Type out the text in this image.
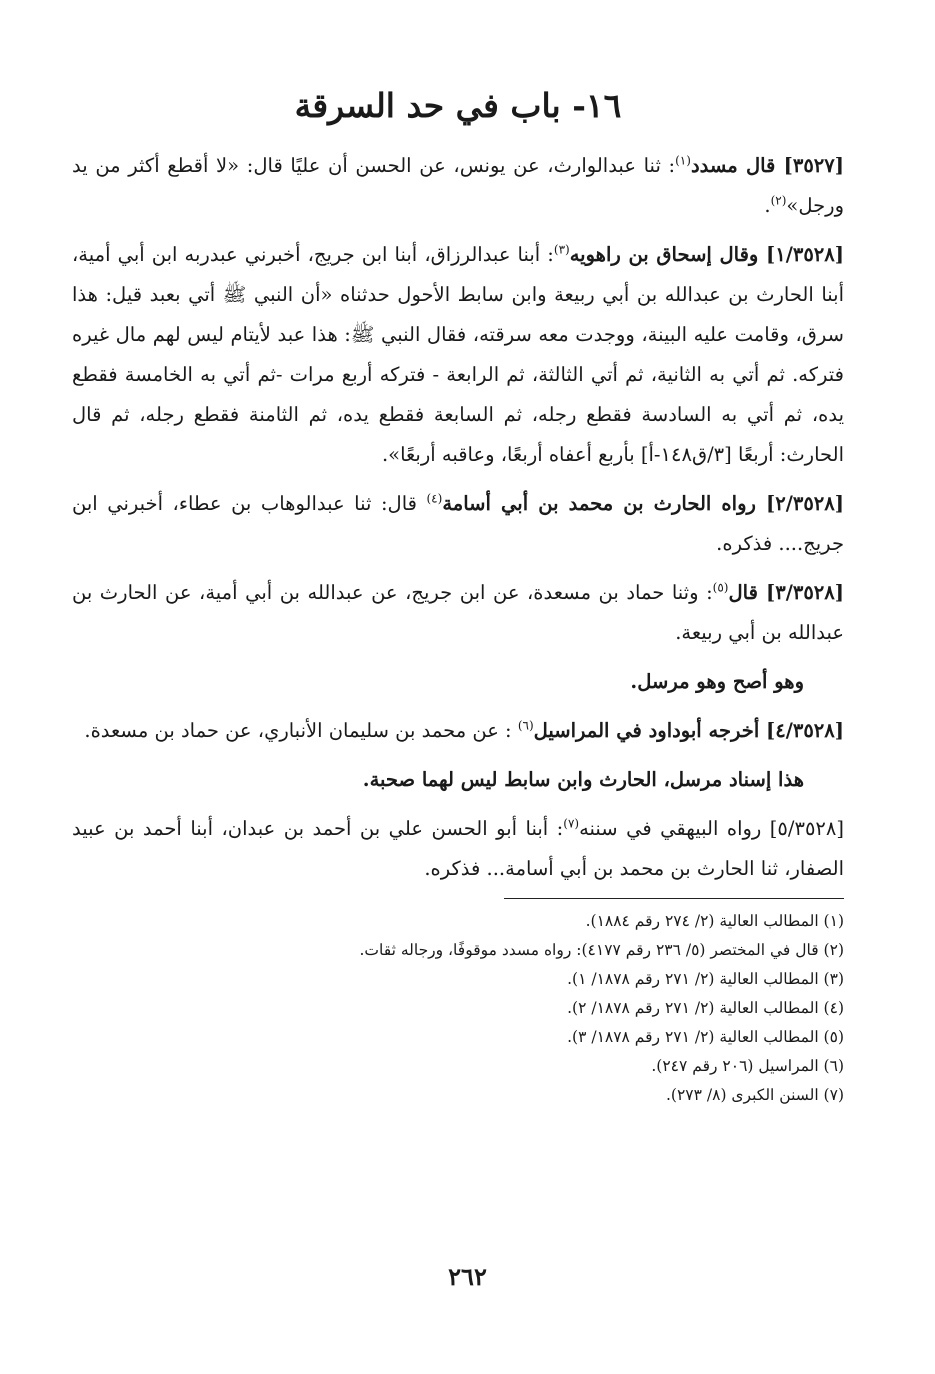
١٦- باب في حد السرقة

[٣٥٢٧] قال مسدد$^{(١)}$: ثنا عبدالوارث، عن يونس، عن الحسن أن عليًا قال: «لا أقطع أكثر من يد ورجل»$^{(٢)}$.

[١/٣٥٢٨] وقال إسحاق بن راهويه$^{(٣)}$: أبنا عبدالرزاق، أبنا ابن جريج، أخبرني عبدربه ابن أبي أمية، أبنا الحارث بن عبدالله بن أبي ربيعة وابن سابط الأحول حدثناه «أن النبي ﷺ أتي بعبد قيل: هذا سرق، وقامت عليه البينة، ووجدت معه سرقته، فقال النبي ﷺ: هذا عبد لأيتام ليس لهم مال غيره فتركه. ثم أتي به الثانية، ثم أتي الثالثة، ثم الرابعة - فتركه أربع مرات -ثم أتي به الخامسة فقطع يده، ثم أتي به السادسة فقطع رجله، ثم السابعة فقطع يده، ثم الثامنة فقطع رجله، ثم قال الحارث: أربعًا [٣/ق١٤٨-أ] بأربع أعفاه أربعًا، وعاقبه أربعًا».

[٢/٣٥٢٨] رواه الحارث بن محمد بن أبي أسامة$^{(٤)}$ قال: ثنا عبدالوهاب بن عطاء، أخبرني ابن جريج.... فذكره.

[٣/٣٥٢٨] قال$^{(٥)}$: وثنا حماد بن مسعدة، عن ابن جريج، عن عبدالله بن أبي أمية، عن الحارث بن عبدالله بن أبي ربيعة.

وهو أصح وهو مرسل.

[٤/٣٥٢٨] أخرجه أبوداود في المراسيل$^{(٦)}$ : عن محمد بن سليمان الأنباري، عن حماد بن مسعدة.

هذا إسناد مرسل، الحارث وابن سابط ليس لهما صحبة.

[٥/٣٥٢٨] رواه البيهقي في سننه$^{(٧)}$: أبنا أبو الحسن علي بن أحمد بن عبدان، أبنا أحمد بن عبيد الصفار، ثنا الحارث بن محمد بن أبي أسامة... فذكره.

(١) المطالب العالية (٢/ ٢٧٤ رقم ١٨٨٤).
(٢) قال في المختصر (٥/ ٢٣٦ رقم ٤١٧٧): رواه مسدد موقوفًا، ورجاله ثقات.
(٣) المطالب العالية (٢/ ٢٧١ رقم ١٨٧٨/ ١).
(٤) المطالب العالية (٢/ ٢٧١ رقم ١٨٧٨/ ٢).
(٥) المطالب العالية (٢/ ٢٧١ رقم ١٨٧٨/ ٣).
(٦) المراسيل (٢٠٦ رقم ٢٤٧).
(٧) السنن الكبرى (٨/ ٢٧٣).
٢٦٢
